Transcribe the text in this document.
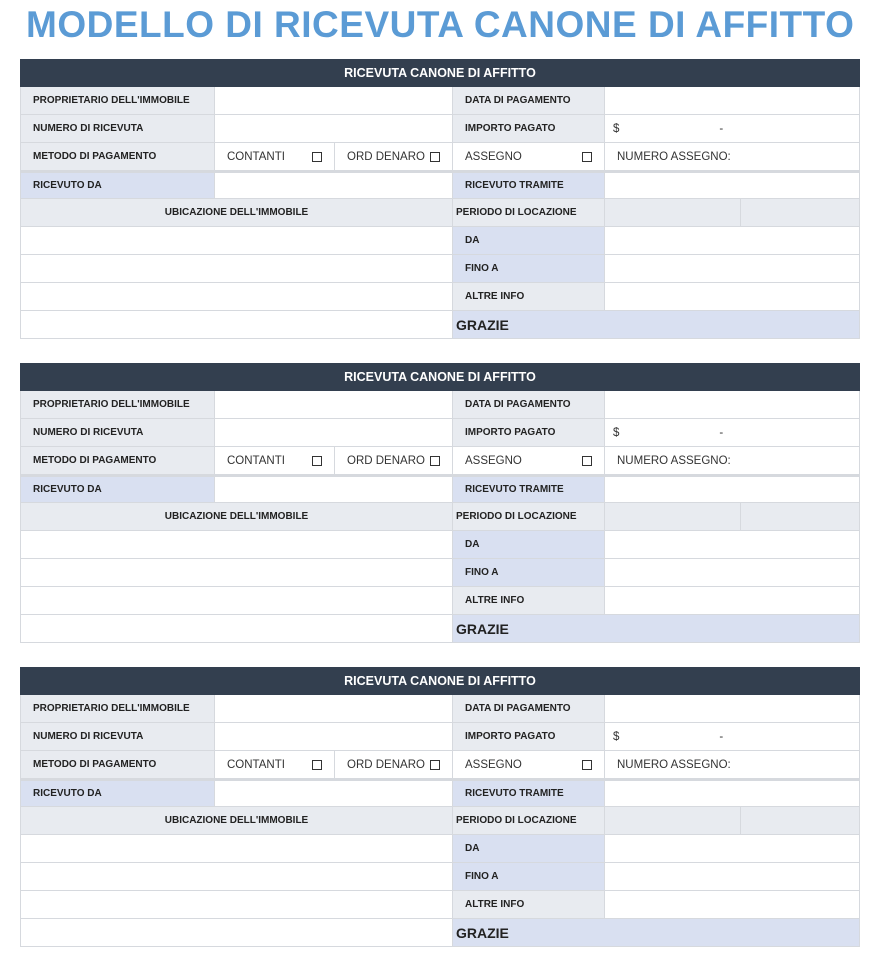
MODELLO DI RICEVUTA CANONE DI AFFITTO
RICEVUTA CANONE DI AFFITTO
PROPRIETARIO DELL'IMMOBILE	DATA DI PAGAMENTO
NUMERO DI RICEVUTA	IMPORTO PAGATO	$	-
METODO DI PAGAMENTO	CONTANTI	ORD DENARO	ASSEGNO	NUMERO ASSEGNO:
RICEVUTO DA	RICEVUTO TRAMITE
UBICAZIONE DELL'IMMOBILE	PERIODO DI LOCAZIONE
DA
FINO A
ALTRE INFO
GRAZIE
RICEVUTA CANONE DI AFFITTO
PROPRIETARIO DELL'IMMOBILE	DATA DI PAGAMENTO
NUMERO DI RICEVUTA	IMPORTO PAGATO	$	-
METODO DI PAGAMENTO	CONTANTI	ORD DENARO	ASSEGNO	NUMERO ASSEGNO:
RICEVUTO DA	RICEVUTO TRAMITE
UBICAZIONE DELL'IMMOBILE	PERIODO DI LOCAZIONE
DA
FINO A
ALTRE INFO
GRAZIE
RICEVUTA CANONE DI AFFITTO
PROPRIETARIO DELL'IMMOBILE	DATA DI PAGAMENTO
NUMERO DI RICEVUTA	IMPORTO PAGATO	$	-
METODO DI PAGAMENTO	CONTANTI	ORD DENARO	ASSEGNO	NUMERO ASSEGNO:
RICEVUTO DA	RICEVUTO TRAMITE
UBICAZIONE DELL'IMMOBILE	PERIODO DI LOCAZIONE
DA
FINO A
ALTRE INFO
GRAZIE
